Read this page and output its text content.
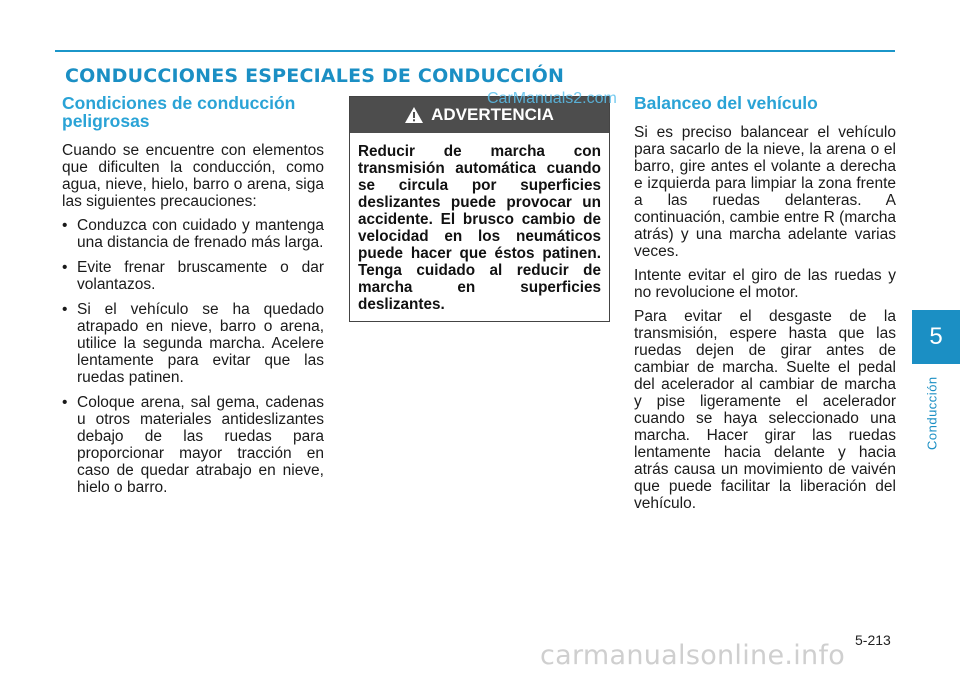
CONDUCCIONES ESPECIALES DE CONDUCCIÓN
Condiciones de conducción peligrosas

Cuando se encuentre con elementos que dificulten la conducción, como agua, nieve, hielo, barro o arena, siga las siguientes precauciones:

• Conduzca con cuidado y mantenga una distancia de frenado más larga.
• Evite frenar bruscamente o dar volantazos.
• Si el vehículo se ha quedado atrapado en nieve, barro o arena, utilice la segunda marcha. Acelere lentamente para evitar que las ruedas patinen.
• Coloque arena, sal gema, cadenas u otros materiales antideslizantes debajo de las ruedas para proporcionar mayor tracción en caso de quedar atrabajo en nieve, hielo o barro.
ADVERTENCIA
Reducir de marcha con transmisión automática cuando se circula por superficies deslizantes puede provocar un accidente. El brusco cambio de velocidad en los neumáticos puede hacer que éstos patinen. Tenga cuidado al reducir de marcha en superficies deslizantes.
CarManuals2.com Balanceo del vehículo

Si es preciso balancear el vehículo para sacarlo de la nieve, la arena o el barro, gire antes el volante a derecha e izquierda para limpiar la zona frente a las ruedas delanteras. A continuación, cambie entre R (marcha atrás) y una marcha adelante varias veces.

Intente evitar el giro de las ruedas y no revolucione el motor.

Para evitar el desgaste de la transmisión, espere hasta que las ruedas dejen de girar antes de cambiar de marcha. Suelte el pedal del acelerador al cambiar de marcha y pise ligeramente el acelerador cuando se haya seleccionado una marcha. Hacer girar las ruedas lentamente hacia delante y hacia atrás causa un movimiento de vaivén que puede facilitar la liberación del vehículo.

5
Conducción
5-213
carmanualsonline.info
